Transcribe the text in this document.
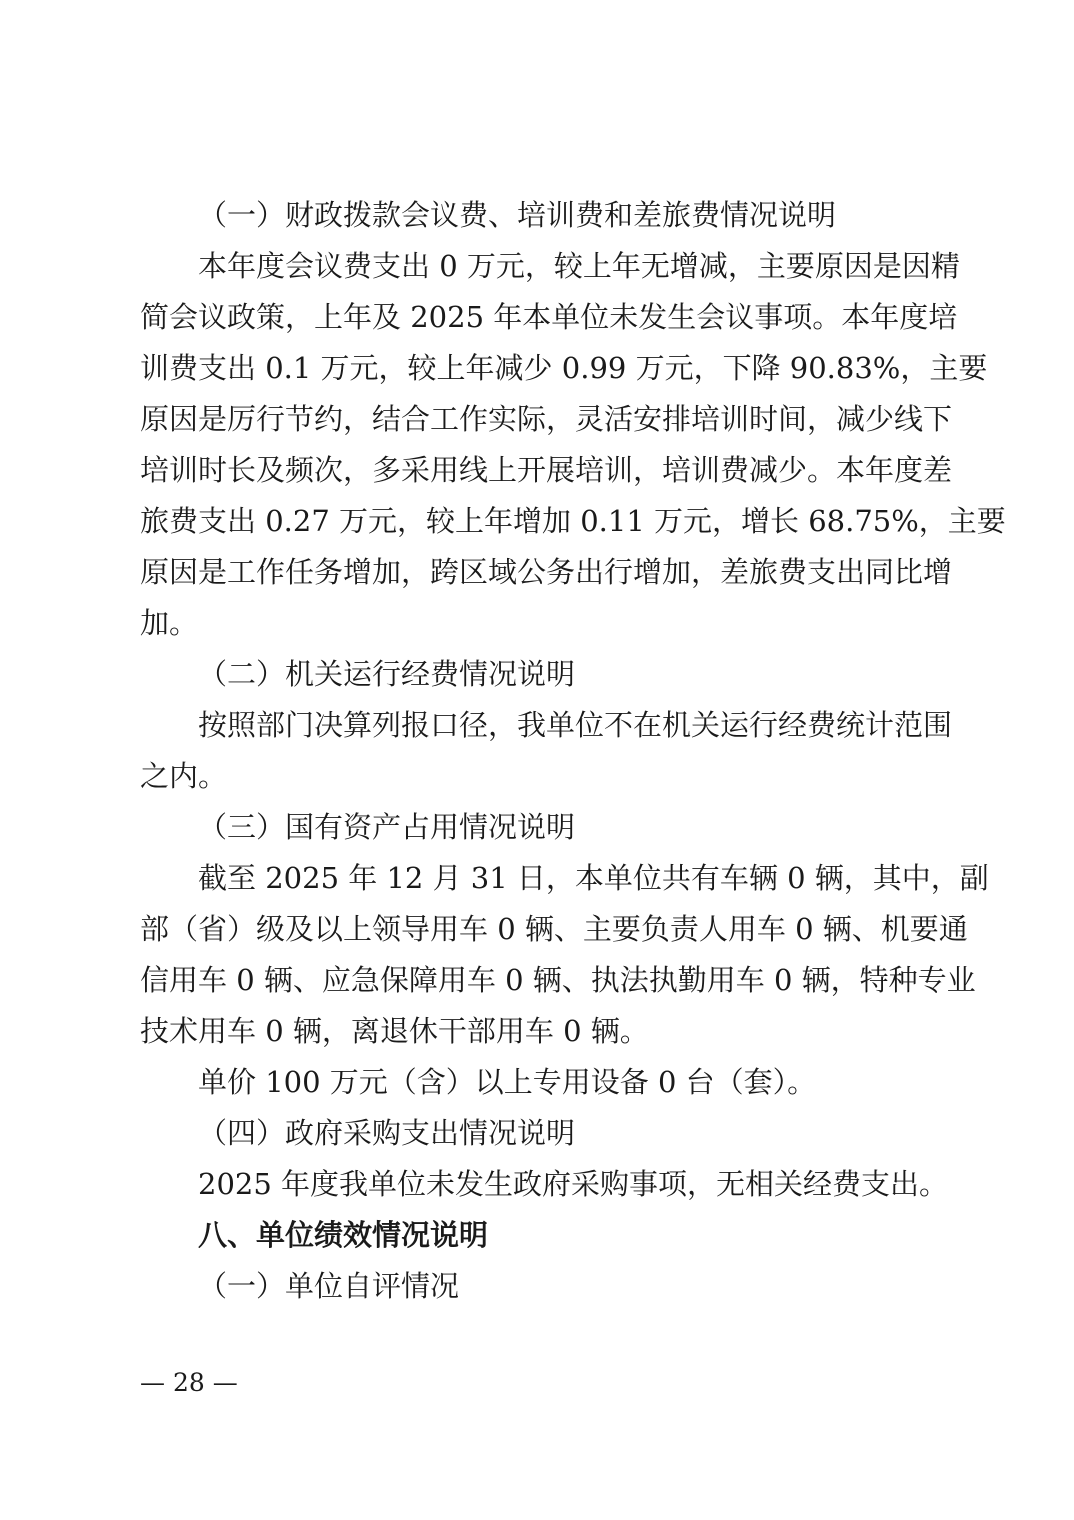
（一）财政拨款会议费、培训费和差旅费情况说明
本年度会议费支出 0 万元，较上年无增减，主要原因是因精
简会议政策，上年及 2025 年本单位未发生会议事项。本年度培
训费支出 0.1 万元，较上年减少 0.99 万元，下降 90.83%，主要
原因是厉行节约，结合工作实际，灵活安排培训时间，减少线下
培训时长及频次，多采用线上开展培训，培训费减少。本年度差
旅费支出 0.27 万元，较上年增加 0.11 万元，增长 68.75%，主要
原因是工作任务增加，跨区域公务出行增加，差旅费支出同比增
加。
（二）机关运行经费情况说明
按照部门决算列报口径，我单位不在机关运行经费统计范围
之内。
（三）国有资产占用情况说明
截至 2025 年 12 月 31 日，本单位共有车辆 0 辆，其中，副
部（省）级及以上领导用车 0 辆、主要负责人用车 0 辆、机要通
信用车 0 辆、应急保障用车 0 辆、执法执勤用车 0 辆，特种专业
技术用车 0 辆，离退休干部用车 0 辆。
单价 100 万元（含）以上专用设备 0 台（套）。
（四）政府采购支出情况说明
2025 年度我单位未发生政府采购事项，无相关经费支出。
八、单位绩效情况说明
（一）单位自评情况
— 28 —
